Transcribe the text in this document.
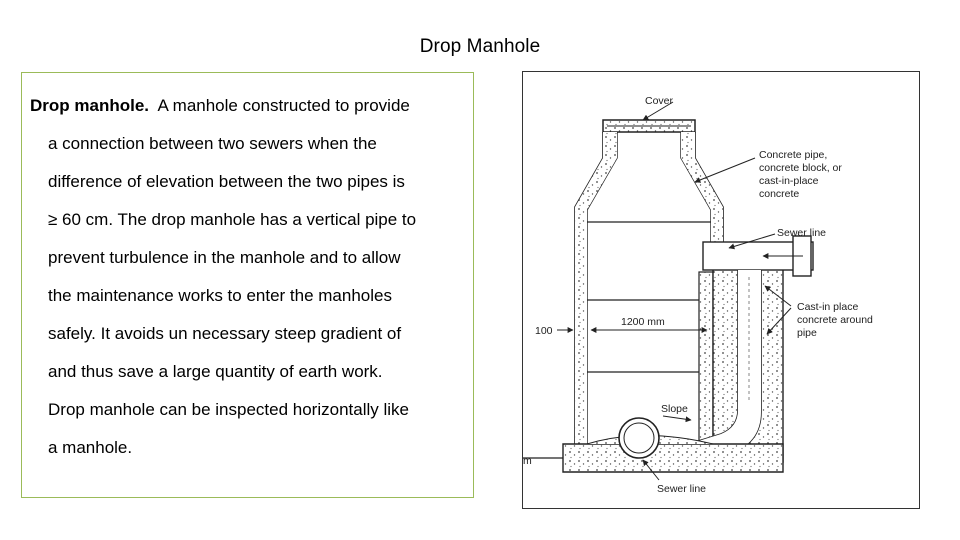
Drop Manhole
Drop manhole. A manhole constructed to provide
a connection between two sewers when the
difference of elevation between the two pipes is
≥ 60 cm. The drop manhole has a vertical pipe to
prevent turbulence in the manhole and to allow
the maintenance works to enter the manholes
safely. It avoids un necessary steep gradient of
and thus save a large quantity of earth work.
Drop manhole can be inspected horizontally like
a manhole.
Cover
Concrete pipe,
concrete block, or
cast-in-place
concrete
Sewer line
Cast-in place
concrete around
pipe
100
1200 mm
Slope
Sewer line
m
